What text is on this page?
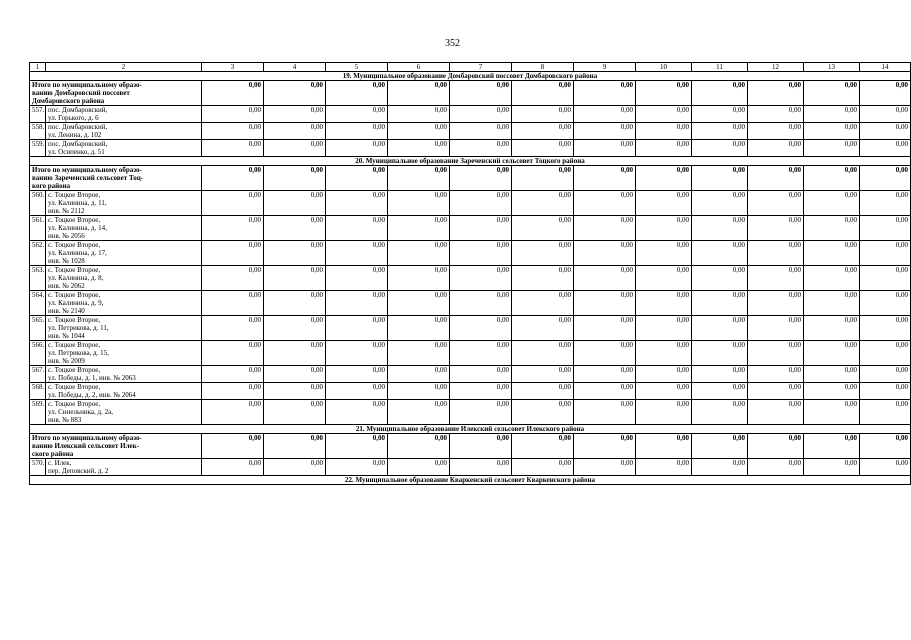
352
1	2	3	4	5	6	7	8	9	10	11	12	13	14
19. Муниципальное образование Домбаровский поссовет Домбаровского района													

Итого по муниципальному образо-
ванию Домбаровский поссовет
Домбаровского района		0,00	0,00	0,00	0,00	0,00	0,00	0,00	0,00	0,00	0,00	0,00	0,00
557.	пос. Домбаровский,
ул. Горького, д. 6	0,00	0,00	0,00	0,00	0,00	0,00	0,00	0,00	0,00	0,00	0,00	0,00
558.	пос. Домбаровский,
ул. Ленина, д. 102	0,00	0,00	0,00	0,00	0,00	0,00	0,00	0,00	0,00	0,00	0,00	0,00
559.	пос. Домбаровский,
ул. Осипенко, д. 51	0,00	0,00	0,00	0,00	0,00	0,00	0,00	0,00	0,00	0,00	0,00	0,00
20. Муниципальное образование Зареченский сельсовет Тоцкого района													

Итого по муниципальному образо-
ванию Зареченский сельсовет Тоц-
кого района		0,00	0,00	0,00	0,00	0,00	0,00	0,00	0,00	0,00	0,00	0,00	0,00
560.	с. Тоцкое Второе,
ул. Калинина, д. 11,
инв. № 2112	0,00	0,00	0,00	0,00	0,00	0,00	0,00	0,00	0,00	0,00	0,00	0,00
561.	с. Тоцкое Второе,
ул. Калинина, д. 14,
инв. № 2056	0,00	0,00	0,00	0,00	0,00	0,00	0,00	0,00	0,00	0,00	0,00	0,00
562.	с. Тоцкое Второе,
ул. Калинина, д. 17,
инв. № 1028	0,00	0,00	0,00	0,00	0,00	0,00	0,00	0,00	0,00	0,00	0,00	0,00
563.	с. Тоцкое Второе,
ул. Калинина, д. 8,
инв. № 2062	0,00	0,00	0,00	0,00	0,00	0,00	0,00	0,00	0,00	0,00	0,00	0,00
564.	с. Тоцкое Второе,
ул. Калинина, д. 9,
инв. № 2140	0,00	0,00	0,00	0,00	0,00	0,00	0,00	0,00	0,00	0,00	0,00	0,00
565.	с. Тоцкое Второе,
ул. Петрикова, д. 11,
инв. № 1044	0,00	0,00	0,00	0,00	0,00	0,00	0,00	0,00	0,00	0,00	0,00	0,00
566.	с. Тоцкое Второе,
ул. Петрикова, д. 15,
инв. № 2009	0,00	0,00	0,00	0,00	0,00	0,00	0,00	0,00	0,00	0,00	0,00	0,00
567.	с. Тоцкое Второе,
ул. Победы, д. 1, инв. № 2063	0,00	0,00	0,00	0,00	0,00	0,00	0,00	0,00	0,00	0,00	0,00	0,00
568.	с. Тоцкое Второе,
ул. Победы, д. 2, инв. № 2064	0,00	0,00	0,00	0,00	0,00	0,00	0,00	0,00	0,00	0,00	0,00	0,00
569.	с. Тоцкое Второе,
ул. Синельника, д. 2а,
инв. № 883	0,00	0,00	0,00	0,00	0,00	0,00	0,00	0,00	0,00	0,00	0,00	0,00
21. Муниципальное образование Илекский сельсовет Илекского района													

Итого по муниципальному образо-
ванию Илекский сельсовет Илек-
ского района		0,00	0,00	0,00	0,00	0,00	0,00	0,00	0,00	0,00	0,00	0,00	0,00
570.	с. Илек,
пер. Деповский, д. 2	0,00	0,00	0,00	0,00	0,00	0,00	0,00	0,00	0,00	0,00	0,00	0,00
22. Муниципальное образование Кваркенский сельсовет Кваркенского района													
